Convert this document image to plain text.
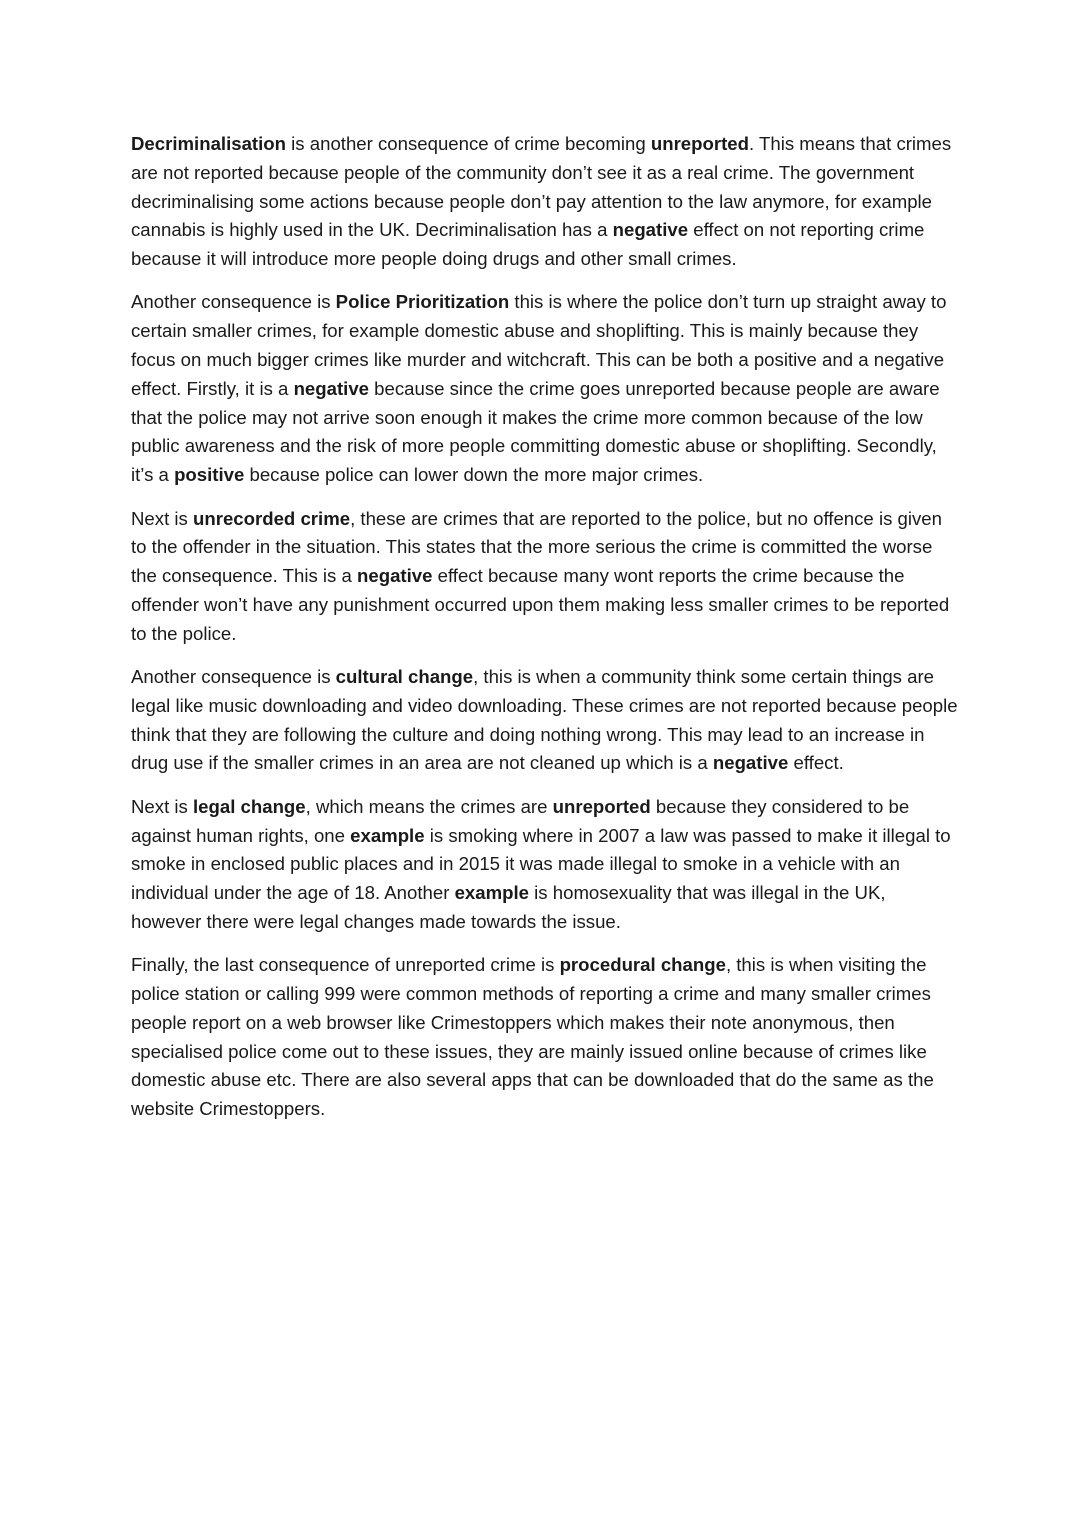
Decriminalisation is another consequence of crime becoming unreported. This means that crimes are not reported because people of the community don’t see it as a real crime. The government decriminalising some actions because people don’t pay attention to the law anymore, for example cannabis is highly used in the UK. Decriminalisation has a negative effect on not reporting crime because it will introduce more people doing drugs and other small crimes.

Another consequence is Police Prioritization this is where the police don’t turn up straight away to certain smaller crimes, for example domestic abuse and shoplifting. This is mainly because they focus on much bigger crimes like murder and witchcraft. This can be both a positive and a negative effect. Firstly, it is a negative because since the crime goes unreported because people are aware that the police may not arrive soon enough it makes the crime more common because of the low public awareness and the risk of more people committing domestic abuse or shoplifting. Secondly, it’s a positive because police can lower down the more major crimes.

Next is unrecorded crime, these are crimes that are reported to the police, but no offence is given to the offender in the situation. This states that the more serious the crime is committed the worse the consequence. This is a negative effect because many wont reports the crime because the offender won’t have any punishment occurred upon them making less smaller crimes to be reported to the police.

Another consequence is cultural change, this is when a community think some certain things are legal like music downloading and video downloading. These crimes are not reported because people think that they are following the culture and doing nothing wrong. This may lead to an increase in drug use if the smaller crimes in an area are not cleaned up which is a negative effect.

Next is legal change, which means the crimes are unreported because they considered to be against human rights, one example is smoking where in 2007 a law was passed to make it illegal to smoke in enclosed public places and in 2015 it was made illegal to smoke in a vehicle with an individual under the age of 18. Another example is homosexuality that was illegal in the UK, however there were legal changes made towards the issue.

Finally, the last consequence of unreported crime is procedural change, this is when visiting the police station or calling 999 were common methods of reporting a crime and many smaller crimes people report on a web browser like Crimestoppers which makes their note anonymous, then specialised police come out to these issues, they are mainly issued online because of crimes like domestic abuse etc. There are also several apps that can be downloaded that do the same as the website Crimestoppers.
